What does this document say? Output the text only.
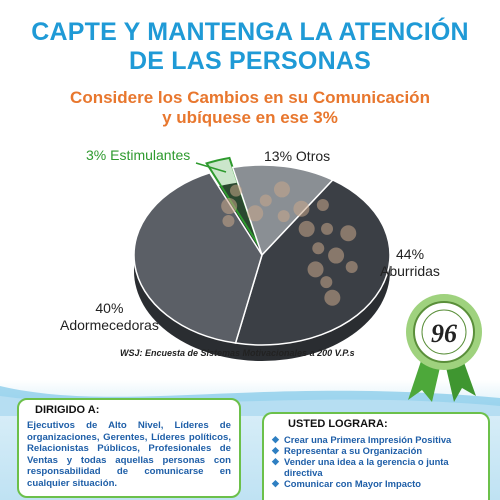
CAPTE Y MANTENGA LA ATENCIÓN
DE LAS PERSONAS
Considere los Cambios en su Comunicación
y ubíquese en ese 3%
3% Estimulantes	13% Otros
44%
Aburridas
40%
Adormecedoras
WSJ: Encuesta de Sistemas Motivacionales a 200 V.P.s
96
DIRIGIDO A:
Ejecutivos de Alto Nivel, Líderes de organizaciones, Gerentes, Líderes políticos, Relacionistas Públicos, Profesionales de Ventas y todas aquellas personas con responsabilidad de comunicarse en cualquier situación.
USTED LOGRARA:
◆ Crear una Primera Impresión Positiva
◆ Representar a su Organización
◆ Vender una idea a la gerencia o junta directiva
◆ Comunicar con Mayor Impacto
